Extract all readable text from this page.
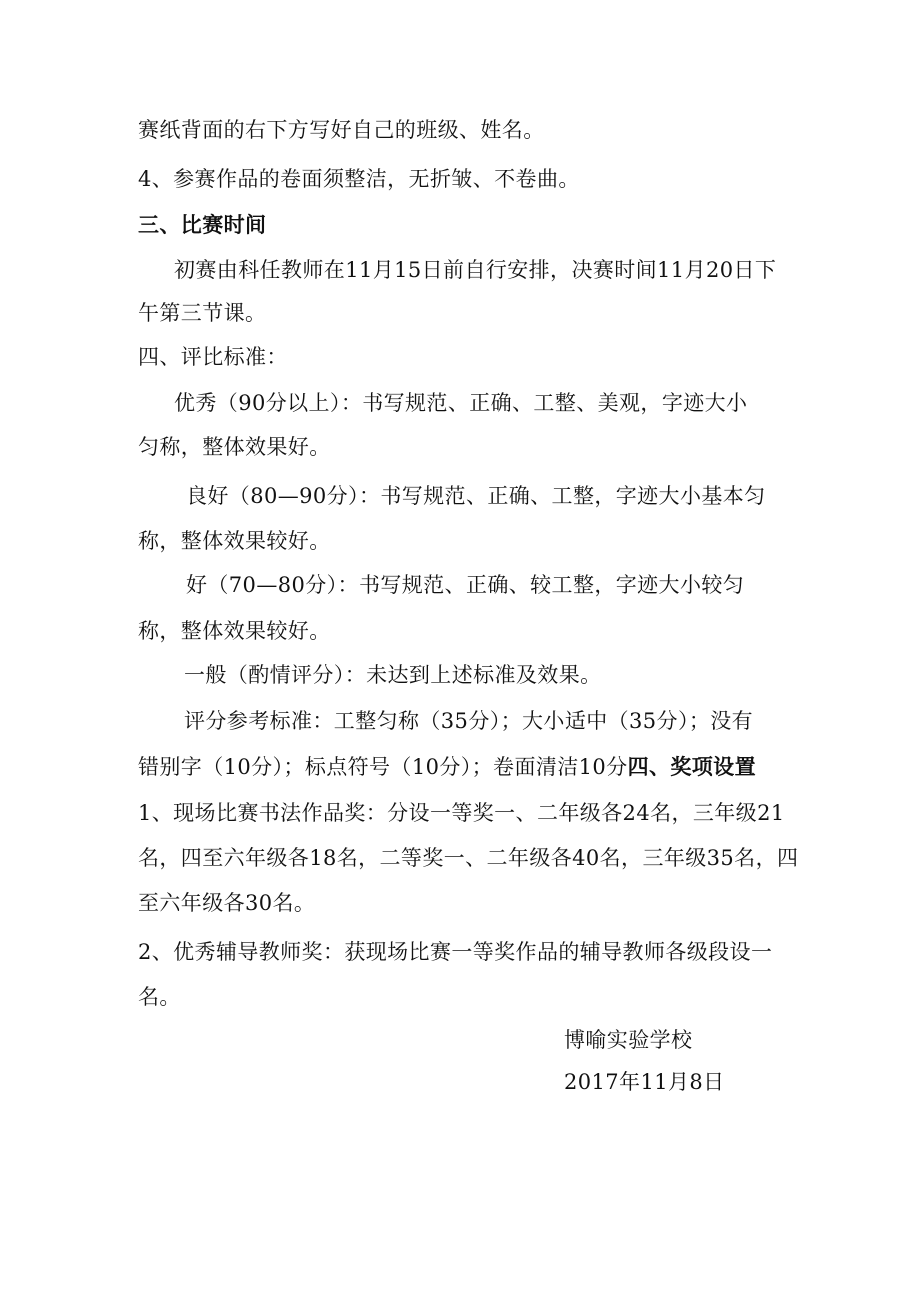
赛纸背面的右下方写好自己的班级、姓名。
4、参赛作品的卷面须整洁，无折皱、不卷曲。
三、比赛时间
初赛由科任教师在11月15日前自行安排，决赛时间11月20日下
午第三节课。
四、评比标准：
优秀（90分以上）：书写规范、正确、工整、美观，字迹大小
匀称，整体效果好。
良好（80—90分）：书写规范、正确、工整，字迹大小基本匀
称，整体效果较好。
好（70—80分）：书写规范、正确、较工整，字迹大小较匀
称，整体效果较好。
一般（酌情评分）：未达到上述标准及效果。
评分参考标准：工整匀称（35分）；大小适中（35分）；没有
错别字（10分）；标点符号（10分）；卷面清洁10分四、奖项设置
1、现场比赛书法作品奖：分设一等奖一、二年级各24名，三年级21
名，四至六年级各18名，二等奖一、二年级各40名，三年级35名，四
至六年级各30名。
2、优秀辅导教师奖：获现场比赛一等奖作品的辅导教师各级段设一
名。
博喻实验学校
2017年11月8日
